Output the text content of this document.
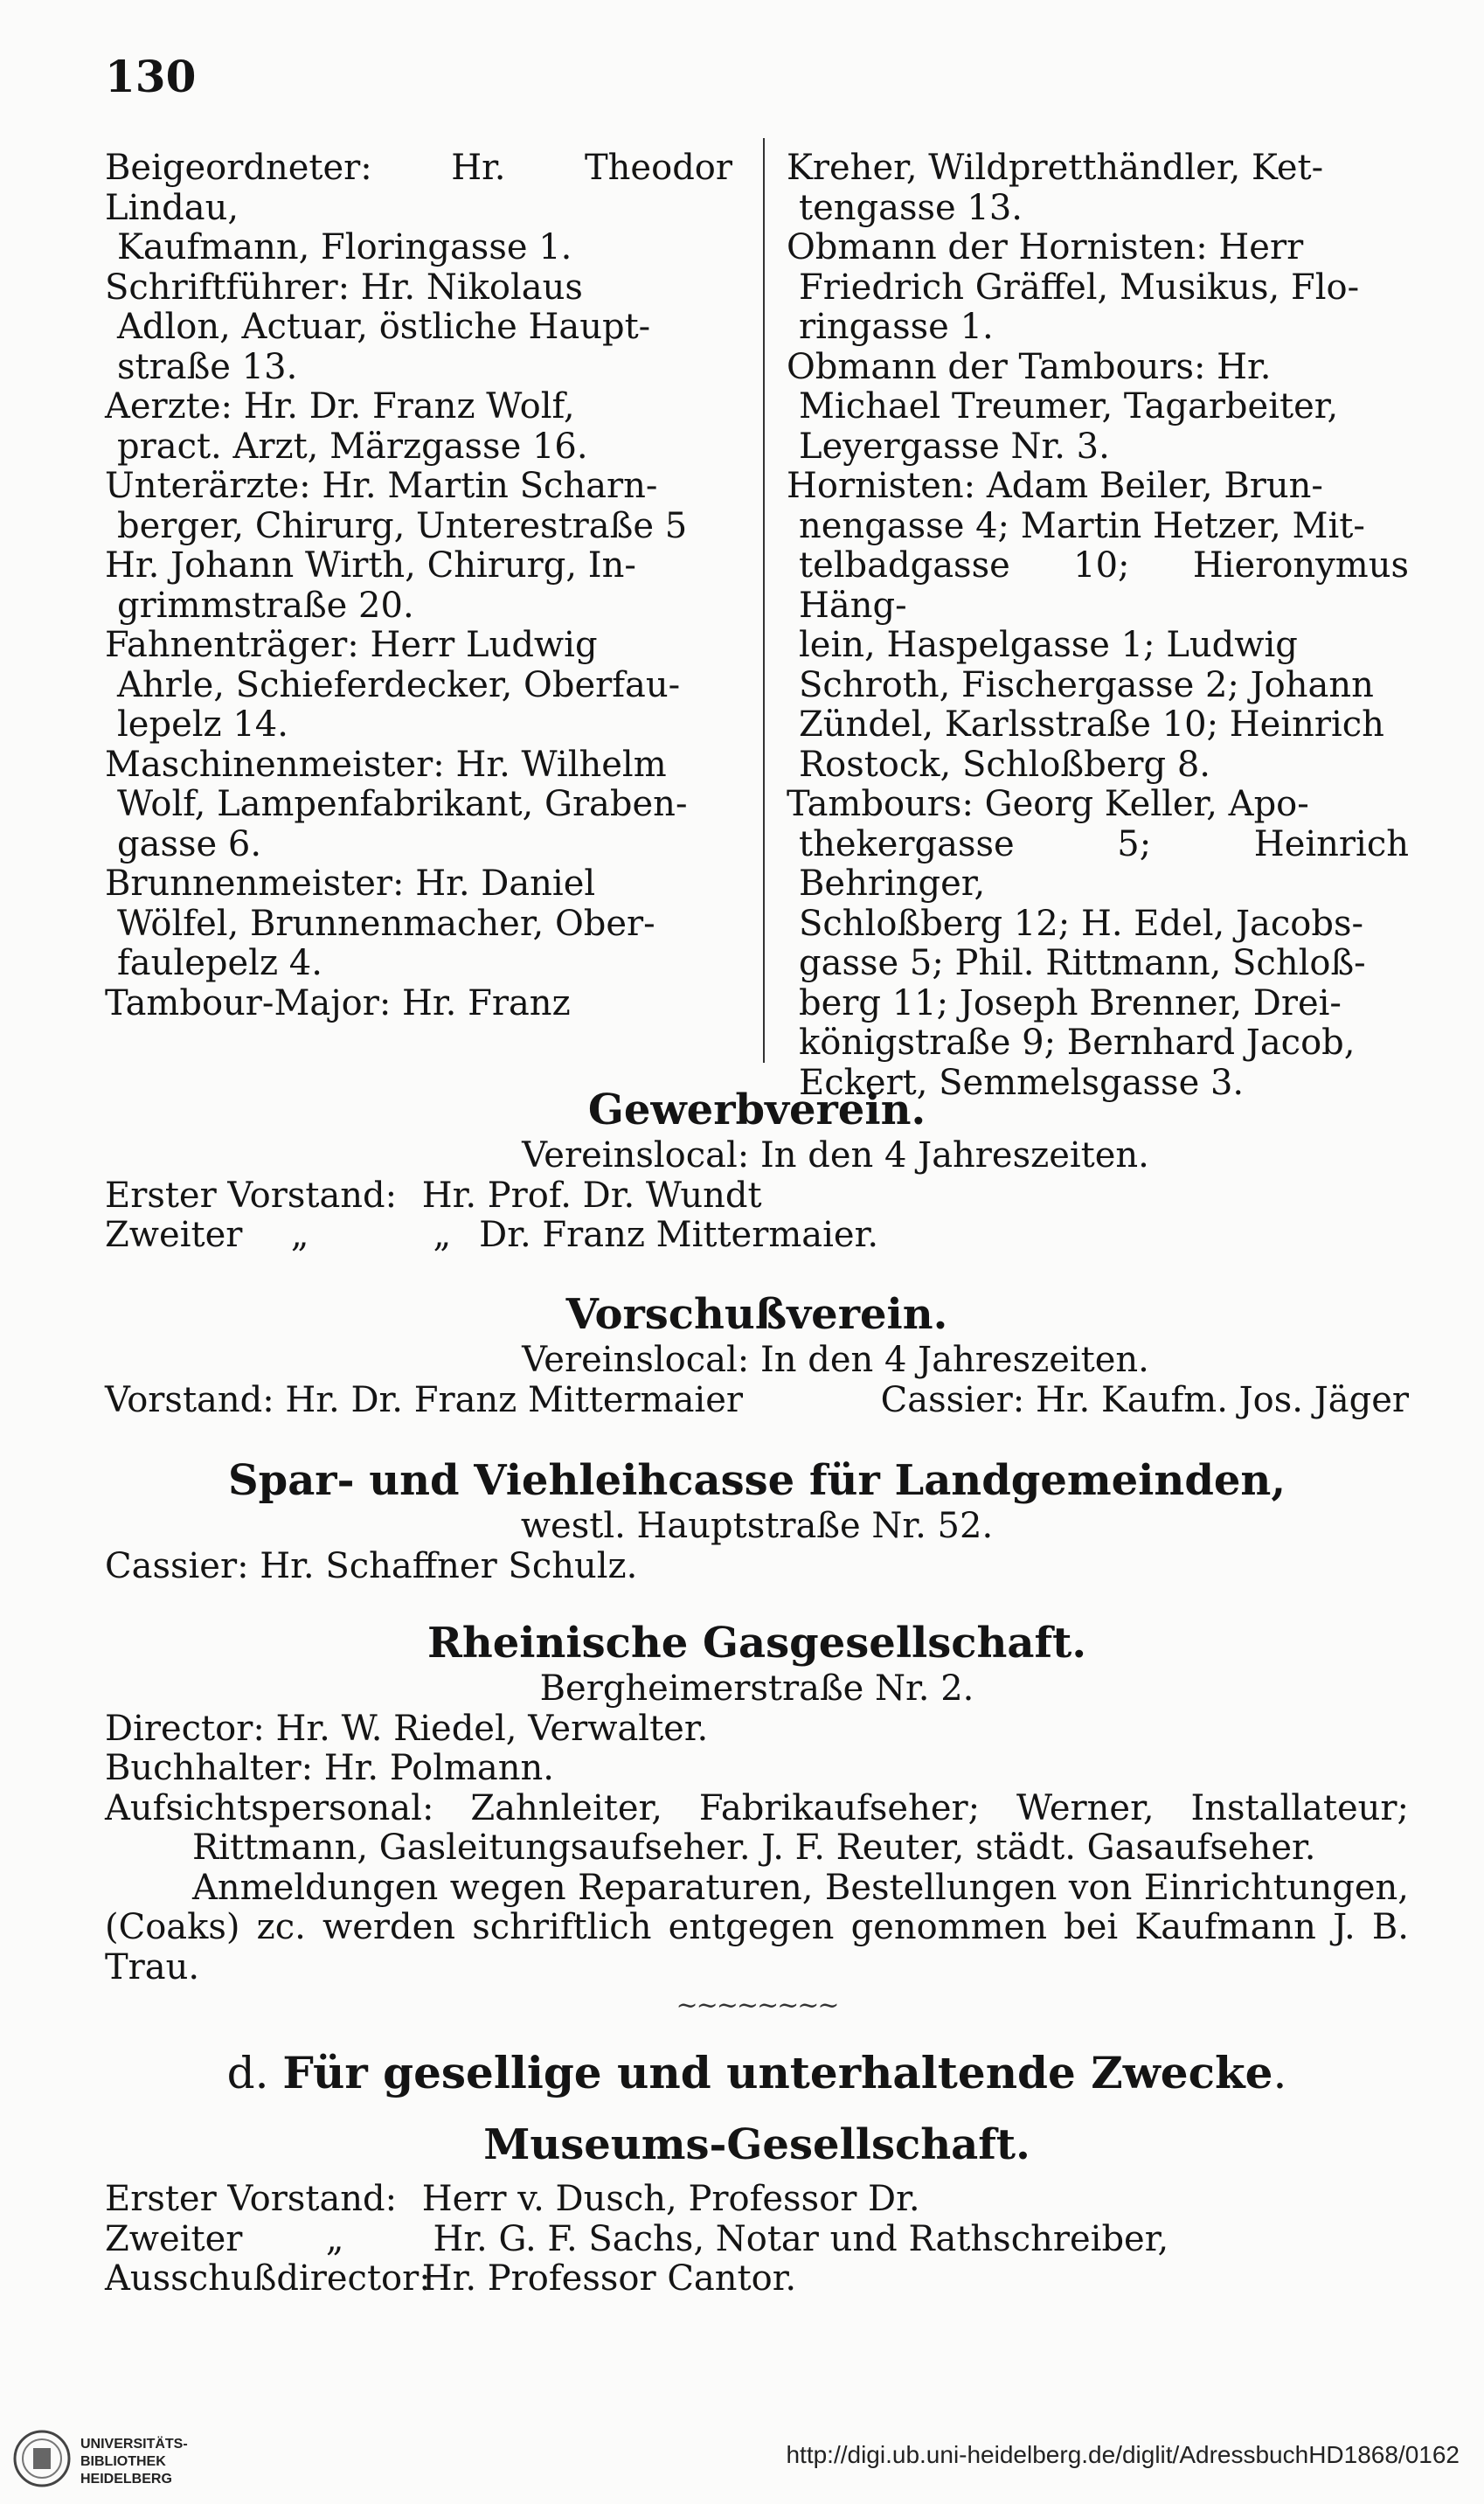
130
Beigeordneter: Hr. Theodor Lindau,
Kaufmann, Floringasse 1.
Schriftführer: Hr. Nikolaus
Adlon, Actuar, östliche Haupt-
straße 13.
Aerzte: Hr. Dr. Franz Wolf,
pract. Arzt, Märzgasse 16.
Unterärzte: Hr. Martin Scharn-
berger, Chirurg, Unterestraße 5
Hr. Johann Wirth, Chirurg, In-
grimmstraße 20.
Fahnenträger: Herr Ludwig
Ahrle, Schieferdecker, Oberfau-
lepelz 14.
Maschinenmeister: Hr. Wilhelm
Wolf, Lampenfabrikant, Graben-
gasse 6.
Brunnenmeister: Hr. Daniel
Wölfel, Brunnenmacher, Ober-
faulepelz 4.
Tambour-Major: Hr. Franz
Kreher, Wildpretthändler, Ket-
tengasse 13.
Obmann der Hornisten: Herr
Friedrich Gräffel, Musikus, Flo-
ringasse 1.
Obmann der Tambours: Hr.
Michael Treumer, Tagarbeiter,
Leyergasse Nr. 3.
Hornisten: Adam Beiler, Brun-
nengasse 4; Martin Hetzer, Mit-
telbadgasse 10; Hieronymus Häng-
lein, Haspelgasse 1; Ludwig
Schroth, Fischergasse 2; Johann
Zündel, Karlsstraße 10; Heinrich
Rostock, Schloßberg 8.
Tambours: Georg Keller, Apo-
thekergasse 5; Heinrich Behringer,
Schloßberg 12; H. Edel, Jacobs-
gasse 5; Phil. Rittmann, Schloß-
berg 11; Joseph Brenner, Drei-
königstraße 9; Bernhard Jacob,
Eckert, Semmelsgasse 3.
Gewerbverein.
Vereinslocal: In den 4 Jahreszeiten.
Erster Vorstand: Hr. Prof. Dr. Wundt
Zweiter „	„ Dr. Franz Mittermaier.
Vorschußverein.
Vereinslocal: In den 4 Jahreszeiten.
Vorstand: Hr. Dr. Franz Mittermaier	Cassier: Hr. Kaufm. Jos. Jäger
Spar- und Viehleihcasse für Landgemeinden,
westl. Hauptstraße Nr. 52.
Cassier: Hr. Schaffner Schulz.
Rheinische Gasgesellschaft.
Bergheimerstraße Nr. 2.
Director: Hr. W. Riedel, Verwalter.
Buchhalter: Hr. Polmann.
Aufsichtspersonal: Zahnleiter, Fabrikaufseher; Werner, Installateur; Rittmann, Gasleitungsaufseher. J. F. Reuter, städt. Gasaufseher.
Anmeldungen wegen Reparaturen, Bestellungen von Einrichtungen, (Coaks) zc. werden schriftlich entgegen genommen bei Kaufmann J. B. Trau.
~~~~~~~~
d. Für gesellige und unterhaltende Zwecke.
Museums-Gesellschaft.
Erster Vorstand: Herr v. Dusch, Professor Dr.
Zweiter „	Hr. G. F. Sachs, Notar und Rathschreiber,
Ausschußdirector: Hr. Professor Cantor.
UNIVERSITÄTS-
BIBLIOTHEK
HEIDELBERG
http://digi.ub.uni-heidelberg.de/diglit/AdressbuchHD1868/0162
